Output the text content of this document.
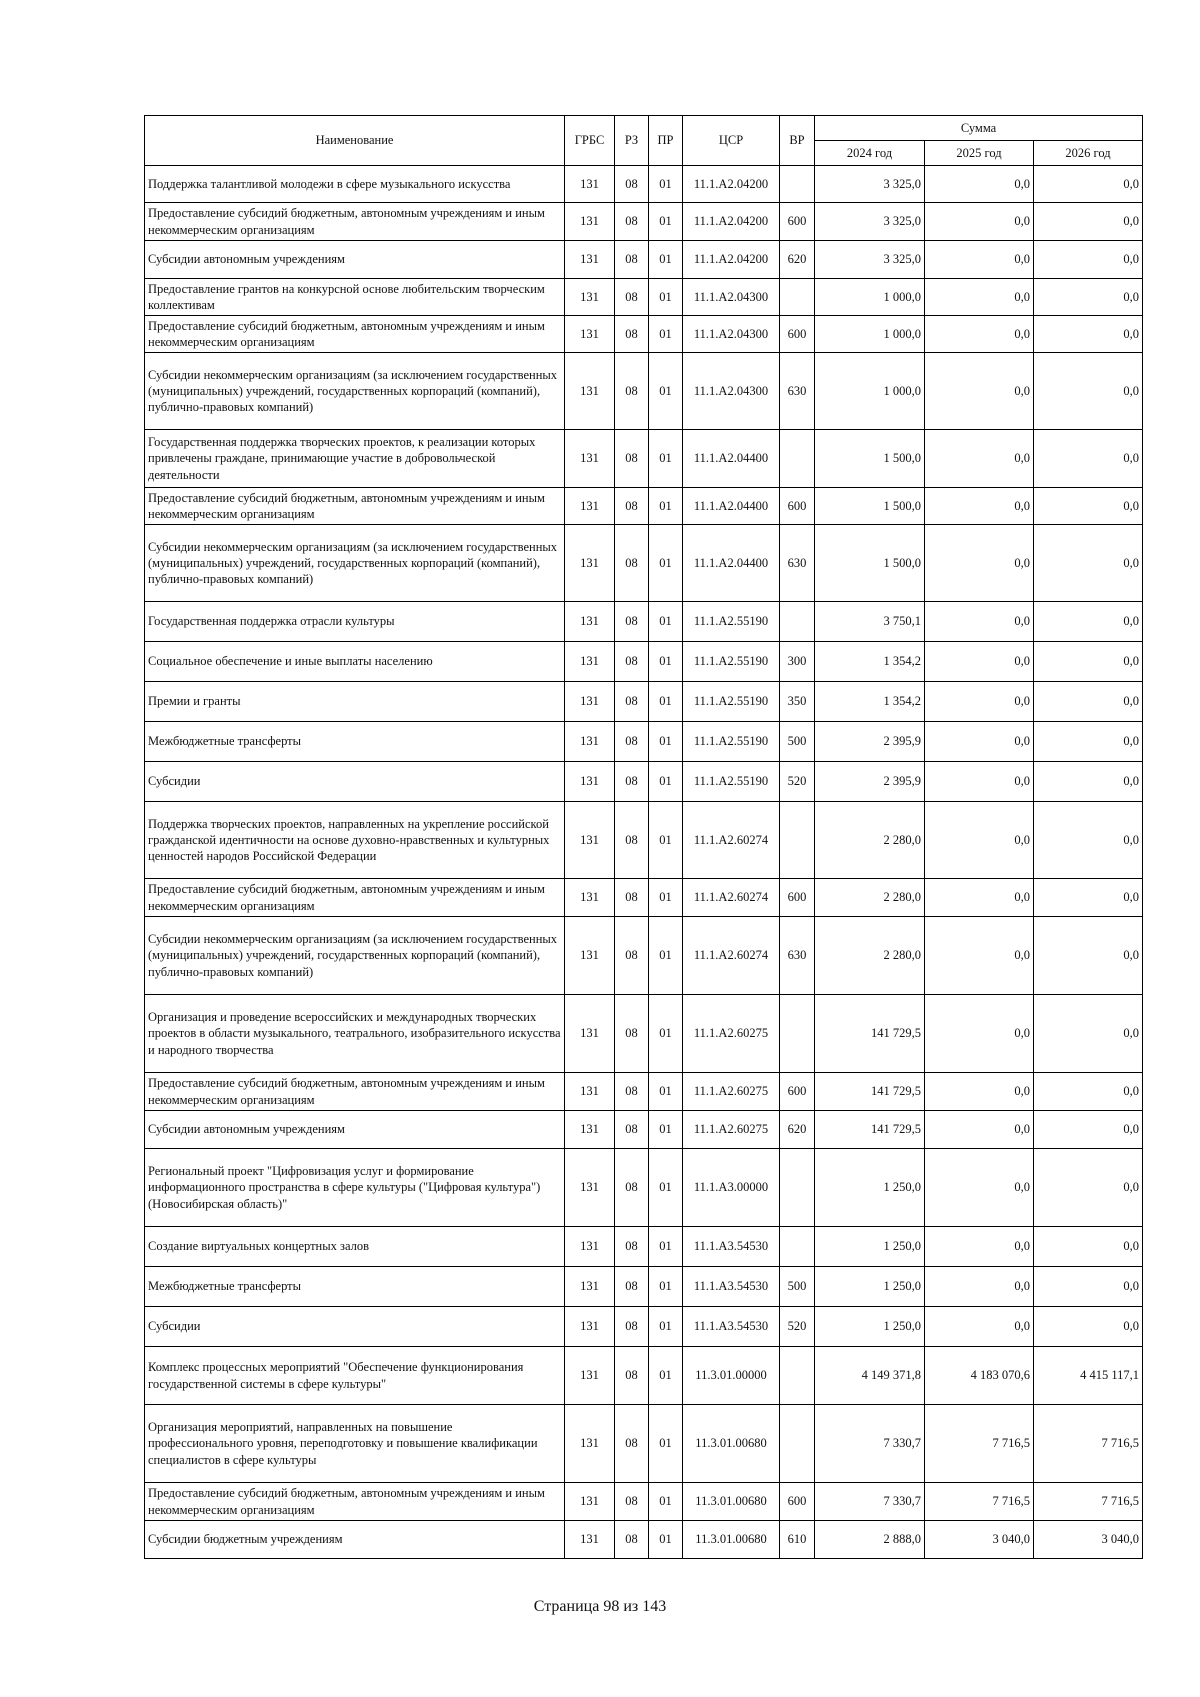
Наименование	ГРБС	РЗ	ПР	ЦСР	ВР	Сумма		
						2024 год	2025 год	2026 год
Поддержка талантливой молодежи в сфере музыкального искусства	131	08	01	11.1.А2.04200		3 325,0	0,0	0,0
Предоставление субсидий бюджетным, автономным учреждениям и иным некоммерческим организациям	131	08	01	11.1.А2.04200	600	3 325,0	0,0	0,0
Субсидии автономным учреждениям	131	08	01	11.1.А2.04200	620	3 325,0	0,0	0,0
Предоставление грантов на конкурсной основе любительским творческим коллективам	131	08	01	11.1.А2.04300		1 000,0	0,0	0,0
Предоставление субсидий бюджетным, автономным учреждениям и иным некоммерческим организациям	131	08	01	11.1.А2.04300	600	1 000,0	0,0	0,0
Субсидии некоммерческим организациям (за исключением государственных (муниципальных) учреждений, государственных корпораций (компаний), публично-правовых компаний)	131	08	01	11.1.А2.04300	630	1 000,0	0,0	0,0
Государственная поддержка творческих проектов, к реализации которых привлечены граждане, принимающие участие в добровольческой деятельности	131	08	01	11.1.А2.04400		1 500,0	0,0	0,0
Предоставление субсидий бюджетным, автономным учреждениям и иным некоммерческим организациям	131	08	01	11.1.А2.04400	600	1 500,0	0,0	0,0
Субсидии некоммерческим организациям (за исключением государственных (муниципальных) учреждений, государственных корпораций (компаний), публично-правовых компаний)	131	08	01	11.1.А2.04400	630	1 500,0	0,0	0,0
Государственная поддержка отрасли культуры	131	08	01	11.1.А2.55190		3 750,1	0,0	0,0
Социальное обеспечение и иные выплаты населению	131	08	01	11.1.А2.55190	300	1 354,2	0,0	0,0
Премии и гранты	131	08	01	11.1.А2.55190	350	1 354,2	0,0	0,0
Межбюджетные трансферты	131	08	01	11.1.А2.55190	500	2 395,9	0,0	0,0
Субсидии	131	08	01	11.1.А2.55190	520	2 395,9	0,0	0,0
Поддержка творческих проектов, направленных на укрепление российской гражданской идентичности на основе духовно-нравственных и культурных ценностей народов Российской Федерации	131	08	01	11.1.А2.60274		2 280,0	0,0	0,0
Предоставление субсидий бюджетным, автономным учреждениям и иным некоммерческим организациям	131	08	01	11.1.А2.60274	600	2 280,0	0,0	0,0
Субсидии некоммерческим организациям (за исключением государственных (муниципальных) учреждений, государственных корпораций (компаний), публично-правовых компаний)	131	08	01	11.1.А2.60274	630	2 280,0	0,0	0,0
Организация и проведение всероссийских и международных творческих проектов в области музыкального, театрального, изобразительного искусства и народного творчества	131	08	01	11.1.А2.60275		141 729,5	0,0	0,0
Предоставление субсидий бюджетным, автономным учреждениям и иным некоммерческим организациям	131	08	01	11.1.А2.60275	600	141 729,5	0,0	0,0
Субсидии автономным учреждениям	131	08	01	11.1.А2.60275	620	141 729,5	0,0	0,0
Региональный проект "Цифровизация услуг и формирование информационного пространства в сфере культуры ("Цифровая культура") (Новосибирская область)"	131	08	01	11.1.А3.00000		1 250,0	0,0	0,0
Создание виртуальных концертных залов	131	08	01	11.1.А3.54530		1 250,0	0,0	0,0
Межбюджетные трансферты	131	08	01	11.1.А3.54530	500	1 250,0	0,0	0,0
Субсидии	131	08	01	11.1.А3.54530	520	1 250,0	0,0	0,0
Комплекс процессных мероприятий "Обеспечение функционирования государственной системы в сфере культуры"	131	08	01	11.3.01.00000		4 149 371,8	4 183 070,6	4 415 117,1
Организация мероприятий, направленных на повышение профессионального уровня, переподготовку и повышение квалификации специалистов в сфере культуры	131	08	01	11.3.01.00680		7 330,7	7 716,5	7 716,5
Предоставление субсидий бюджетным, автономным учреждениям и иным некоммерческим организациям	131	08	01	11.3.01.00680	600	7 330,7	7 716,5	7 716,5
Субсидии бюджетным учреждениям	131	08	01	11.3.01.00680	610	2 888,0	3 040,0	3 040,0
Страница 98 из 143
